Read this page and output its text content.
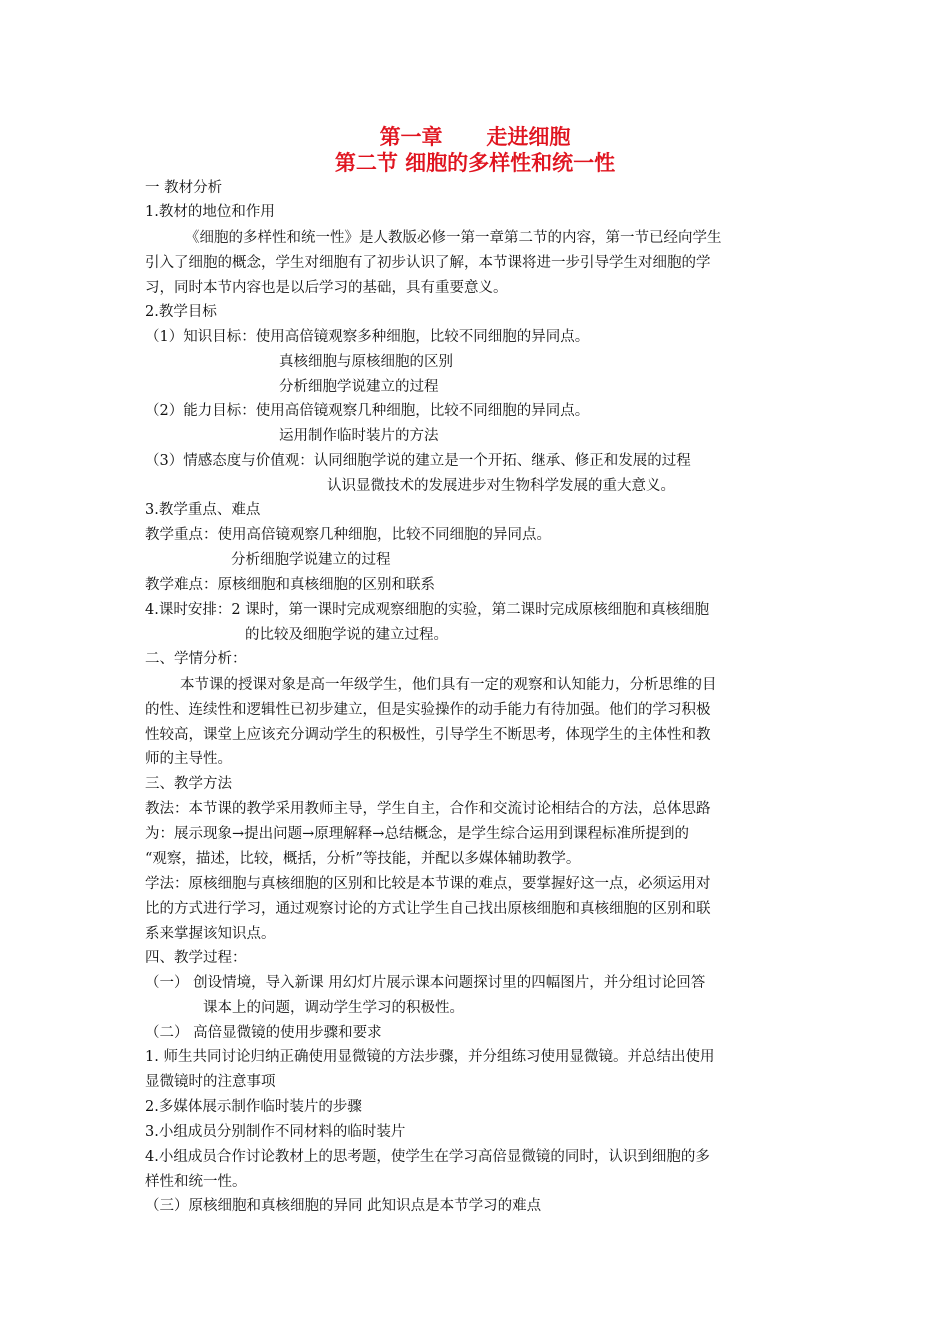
第一章      走进细胞
第二节 细胞的多样性和统一性
一 教材分析
1.教材的地位和作用
《细胞的多样性和统一性》是人教版必修一第一章第二节的内容，第一节已经向学生
引入了细胞的概念，学生对细胞有了初步认识了解，本节课将进一步引导学生对细胞的学
习，同时本节内容也是以后学习的基础，具有重要意义。
2.教学目标
（1）知识目标：使用高倍镜观察多种细胞，比较不同细胞的异同点。
真核细胞与原核细胞的区别
分析细胞学说建立的过程
（2）能力目标：使用高倍镜观察几种细胞，比较不同细胞的异同点。
运用制作临时装片的方法
（3）情感态度与价值观：认同细胞学说的建立是一个开拓、继承、修正和发展的过程
认识显微技术的发展进步对生物科学发展的重大意义。
3.教学重点、难点
教学重点：使用高倍镜观察几种细胞，比较不同细胞的异同点。
分析细胞学说建立的过程
教学难点：原核细胞和真核细胞的区别和联系
4.课时安排：2 课时，第一课时完成观察细胞的实验，第二课时完成原核细胞和真核细胞
的比较及细胞学说的建立过程。
二、学情分析：
本节课的授课对象是高一年级学生，他们具有一定的观察和认知能力，分析思维的目
的性、连续性和逻辑性已初步建立，但是实验操作的动手能力有待加强。他们的学习积极
性较高，课堂上应该充分调动学生的积极性，引导学生不断思考，体现学生的主体性和教
师的主导性。
三、教学方法
教法：本节课的教学采用教师主导，学生自主，合作和交流讨论相结合的方法，总体思路
为：展示现象→提出问题→原理解释→总结概念，是学生综合运用到课程标准所提到的
“观察，描述，比较，概括，分析”等技能，并配以多媒体辅助教学。
学法：原核细胞与真核细胞的区别和比较是本节课的难点，要掌握好这一点，必须运用对
比的方式进行学习，通过观察讨论的方式让学生自己找出原核细胞和真核细胞的区别和联
系来掌握该知识点。
四、教学过程：
（一） 创设情境，导入新课 用幻灯片展示课本问题探讨里的四幅图片，并分组讨论回答
课本上的问题，调动学生学习的积极性。
（二） 高倍显微镜的使用步骤和要求
1. 师生共同讨论归纳正确使用显微镜的方法步骤，并分组练习使用显微镜。并总结出使用
显微镜时的注意事项
2.多媒体展示制作临时装片的步骤
3.小组成员分别制作不同材料的临时装片
4.小组成员合作讨论教材上的思考题，使学生在学习高倍显微镜的同时，认识到细胞的多
样性和统一性。
（三）原核细胞和真核细胞的异同 此知识点是本节学习的难点
